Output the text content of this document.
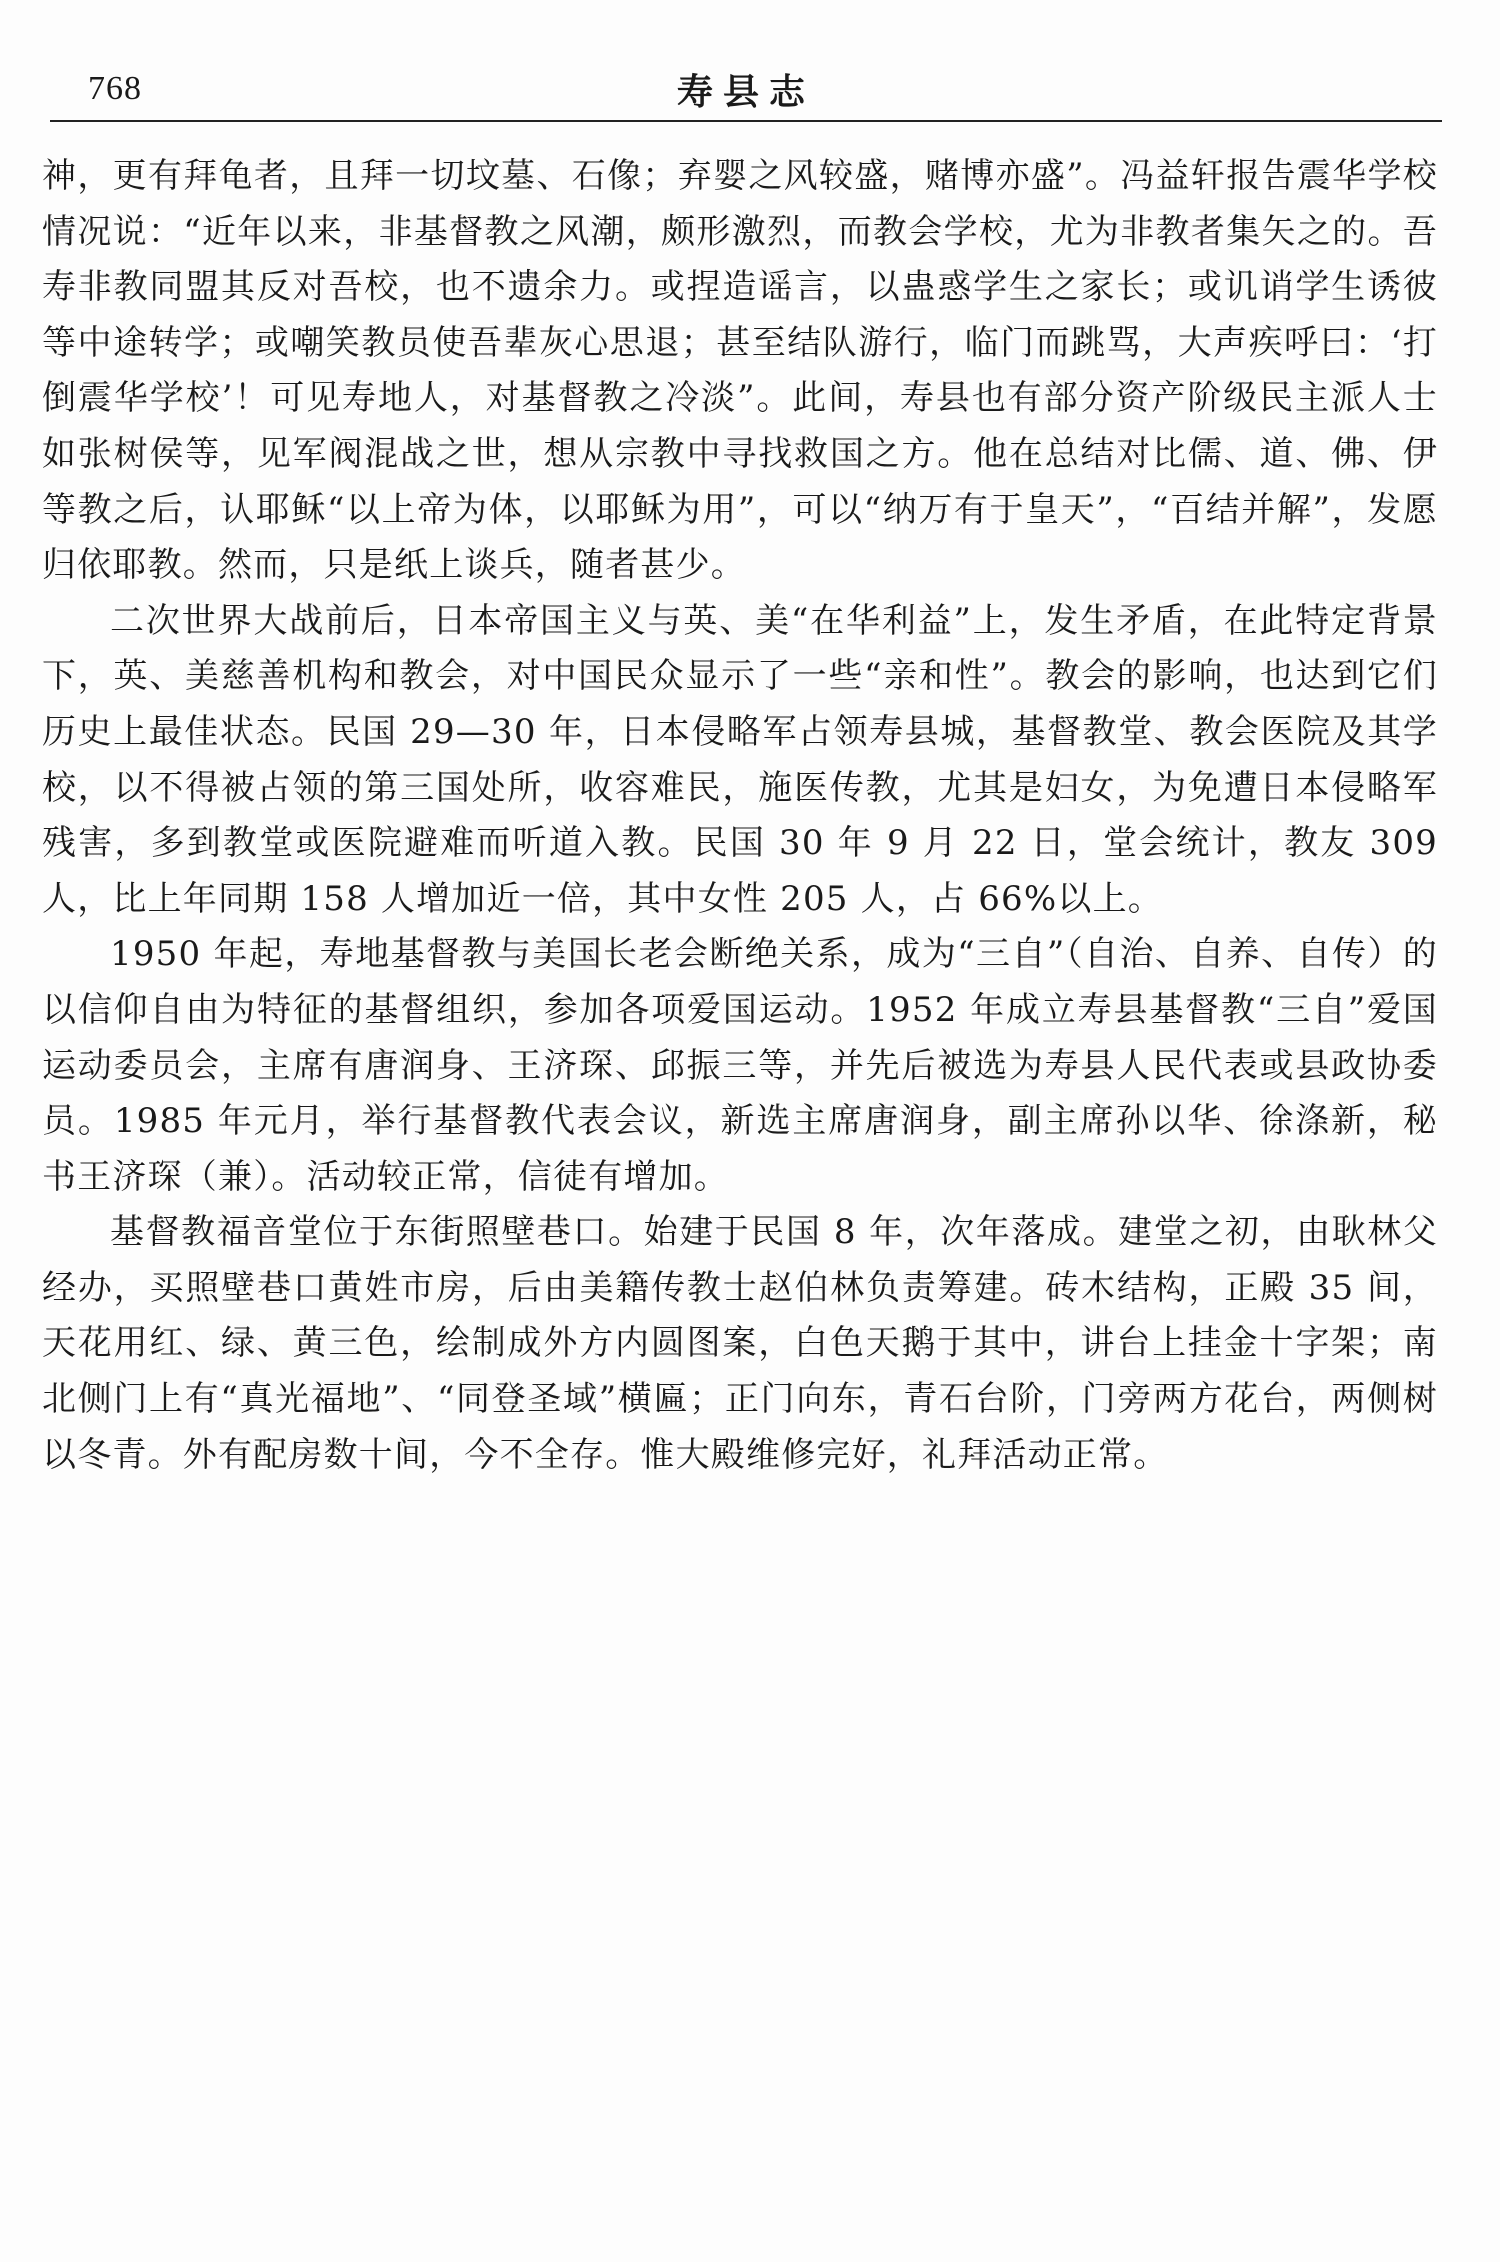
768	寿县志

神，更有拜龟者，且拜一切坟墓、石像；弃婴之风较盛，赌博亦盛”。冯益轩报告震华学校情况说：“近年以来，非基督教之风潮，颇形激烈，而教会学校，尤为非教者集矢之的。吾寿非教同盟其反对吾校，也不遗余力。或捏造谣言，以蛊惑学生之家长；或讥诮学生诱彼等中途转学；或嘲笑教员使吾辈灰心思退；甚至结队游行，临门而跳骂，大声疾呼曰：‘打倒震华学校’！可见寿地人，对基督教之冷淡”。此间，寿县也有部分资产阶级民主派人士如张树侯等，见军阀混战之世，想从宗教中寻找救国之方。他在总结对比儒、道、佛、伊等教之后，认耶稣“以上帝为体，以耶稣为用”，可以“纳万有于皇天”，“百结并解”，发愿归依耶教。然而，只是纸上谈兵，随者甚少。

二次世界大战前后，日本帝国主义与英、美“在华利益”上，发生矛盾，在此特定背景下，英、美慈善机构和教会，对中国民众显示了一些“亲和性”。教会的影响，也达到它们历史上最佳状态。民国 29—30 年，日本侵略军占领寿县城，基督教堂、教会医院及其学校，以不得被占领的第三国处所，收容难民，施医传教，尤其是妇女，为免遭日本侵略军残害，多到教堂或医院避难而听道入教。民国 30 年 9 月 22 日，堂会统计，教友 309 人，比上年同期 158 人增加近一倍，其中女性 205 人，占 66%以上。

1950 年起，寿地基督教与美国长老会断绝关系，成为“三自”（自治、自养、自传）的以信仰自由为特征的基督组织，参加各项爱国运动。1952 年成立寿县基督教“三自”爱国运动委员会，主席有唐润身、王济琛、邱振三等，并先后被选为寿县人民代表或县政协委员。1985 年元月，举行基督教代表会议，新选主席唐润身，副主席孙以华、徐涤新，秘书王济琛（兼）。活动较正常，信徒有增加。

基督教福音堂位于东街照壁巷口。始建于民国 8 年，次年落成。建堂之初，由耿林父经办，买照壁巷口黄姓市房，后由美籍传教士赵伯林负责筹建。砖木结构，正殿 35 间，天花用红、绿、黄三色，绘制成外方内圆图案，白色天鹅于其中，讲台上挂金十字架；南北侧门上有“真光福地”、“同登圣域”横匾；正门向东，青石台阶，门旁两方花台，两侧树以冬青。外有配房数十间，今不全存。惟大殿维修完好，礼拜活动正常。
